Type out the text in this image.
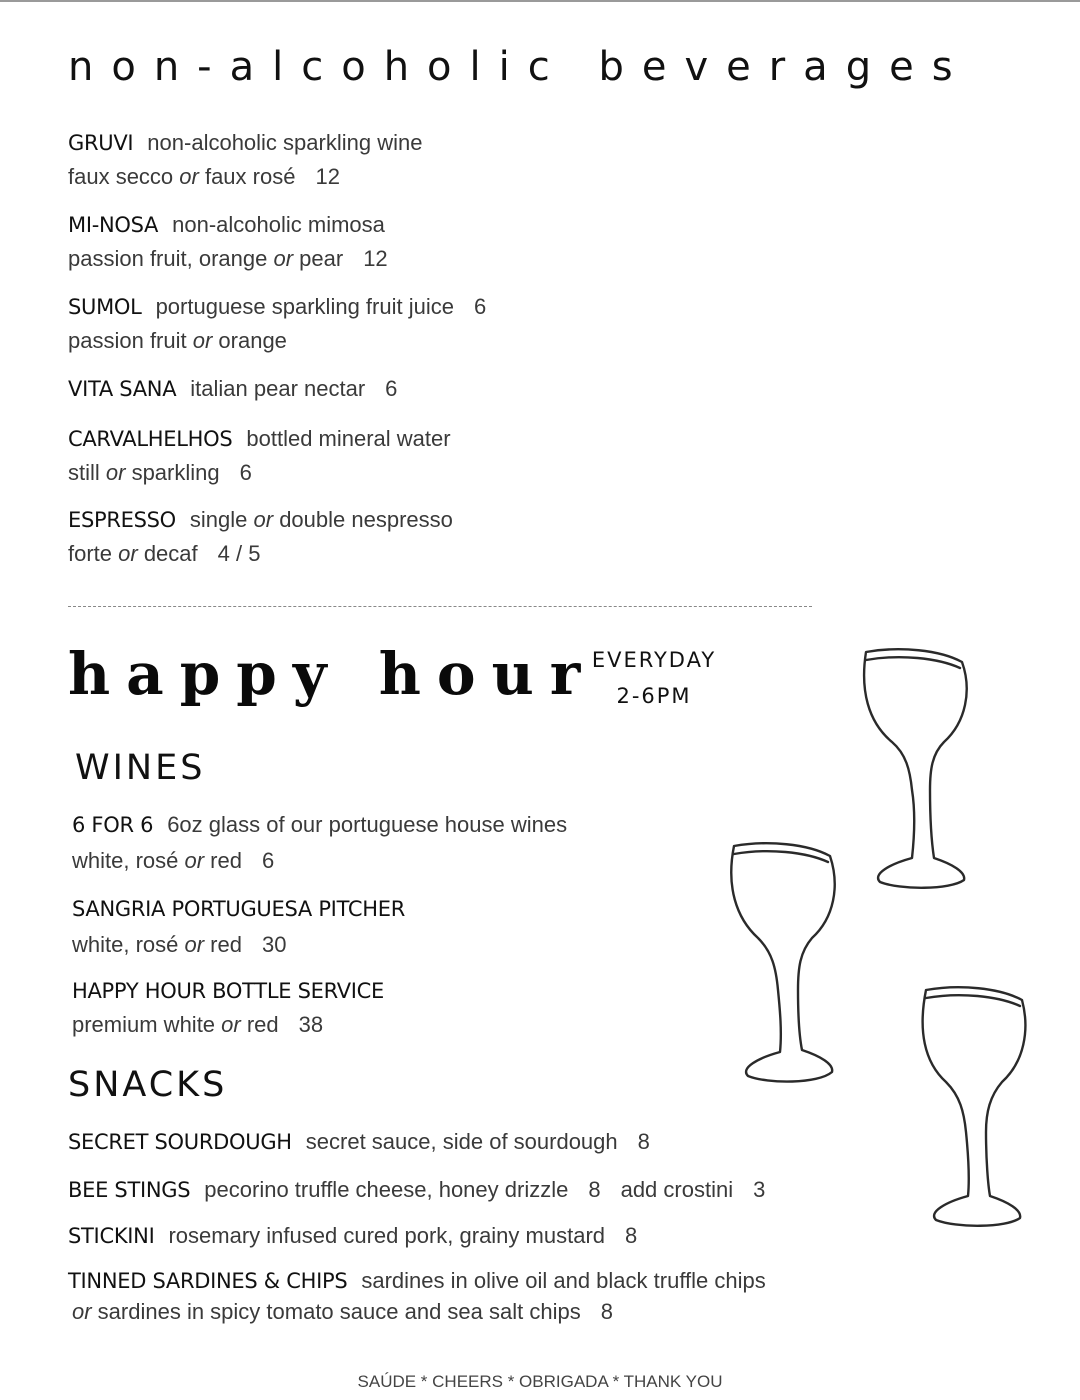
non-alcoholic beverages
GRUVI non-alcoholic sparkling wine
faux secco or faux rosé 12
MI-NOSA non-alcoholic mimosa
passion fruit, orange or pear 12
SUMOL portuguese sparkling fruit juice 6
passion fruit or orange
VITA SANA italian pear nectar 6
CARVALHELHOS bottled mineral water
still or sparkling 6
ESPRESSO single or double nespresso
forte or decaf 4 / 5
happy hour
EVERYDAY
2-6PM
WINES
6 FOR 6 6oz glass of our portuguese house wines
white, rosé or red 6
SANGRIA PORTUGUESA PITCHER
white, rosé or red 30
HAPPY HOUR BOTTLE SERVICE
premium white or red 38
SNACKS
SECRET SOURDOUGH secret sauce, side of sourdough 8
BEE STINGS pecorino truffle cheese, honey drizzle 8 add crostini 3
STICKINI rosemary infused cured pork, grainy mustard 8
TINNED SARDINES & CHIPS sardines in olive oil and black truffle chips
or sardines in spicy tomato sauce and sea salt chips 8
SAÚDE * CHEERS * OBRIGADA * THANK YOU
